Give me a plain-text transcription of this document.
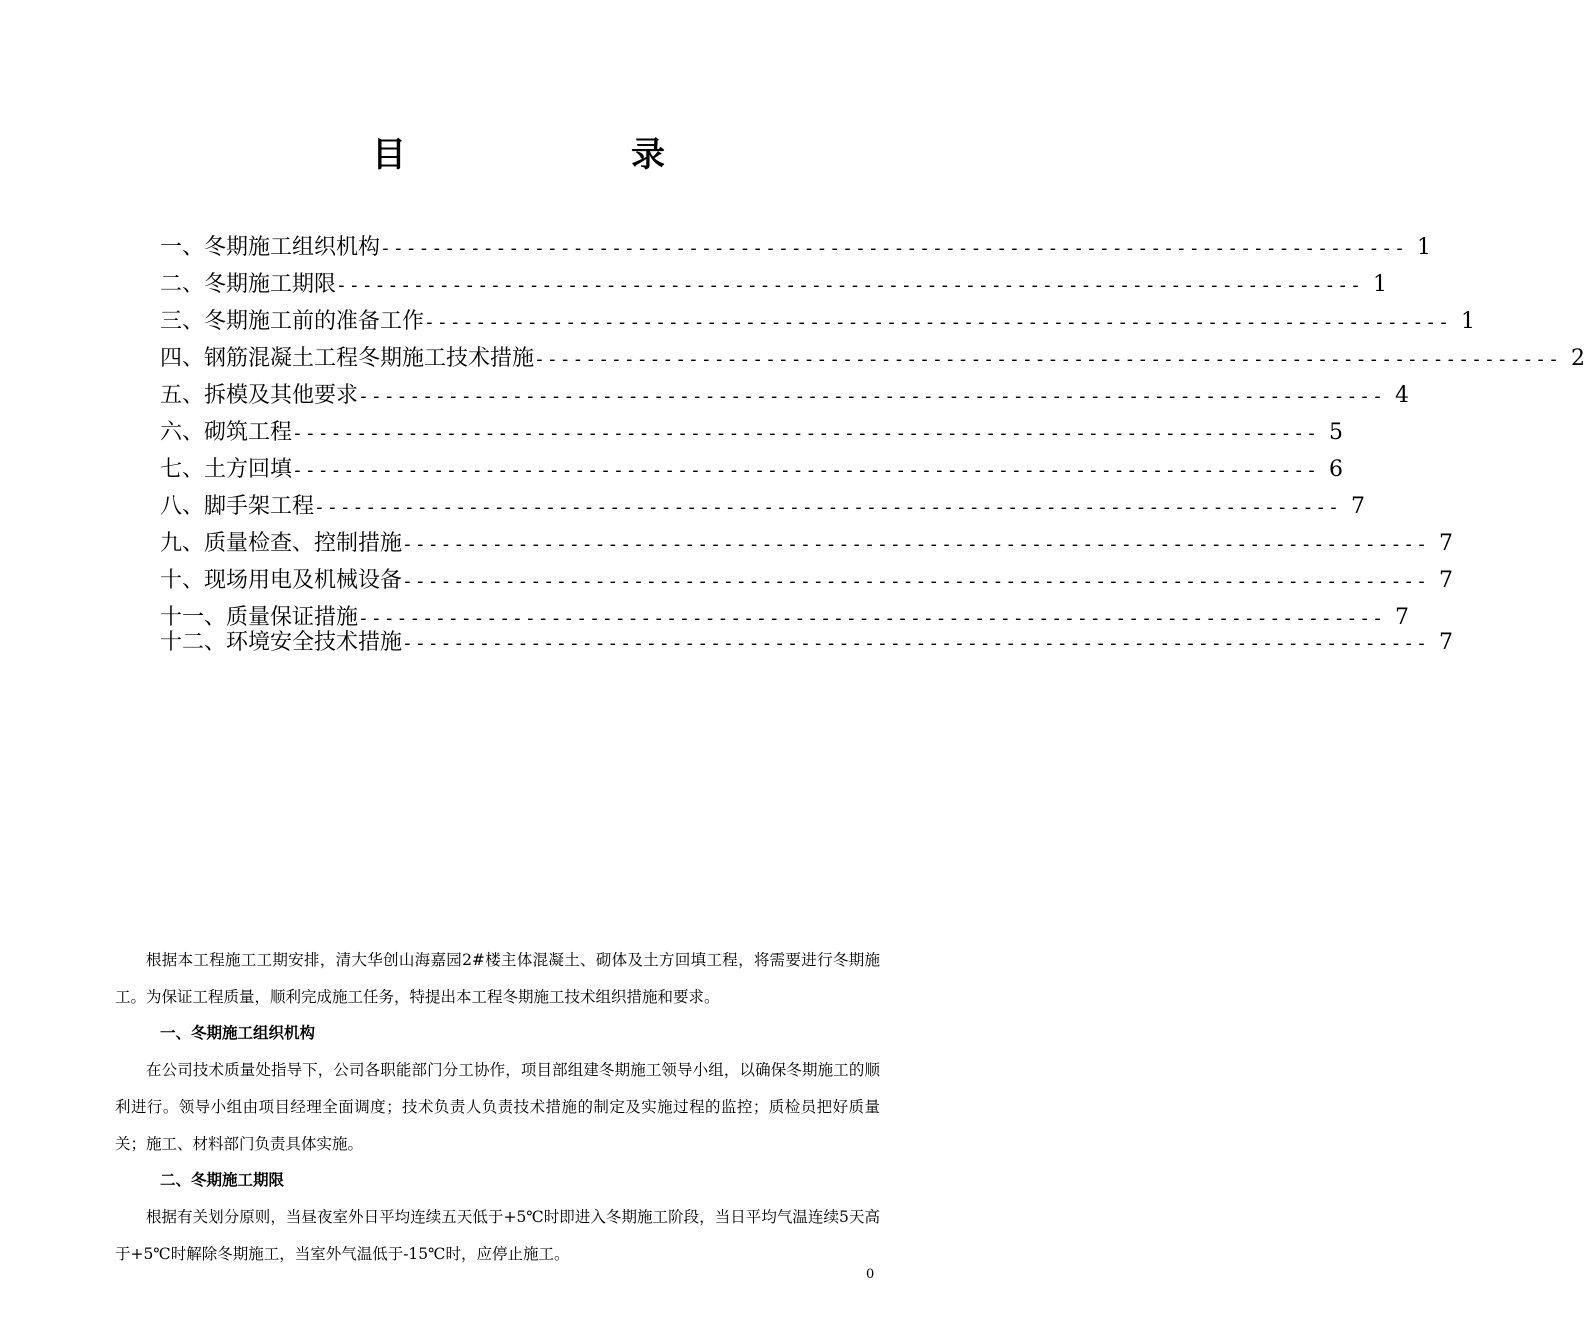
目	录
一、冬期施工组织机构 -------------------------------------------------------------------------------- 1
二、冬期施工期限 -------------------------------------------------------------------------------- 1
三、冬期施工前的准备工作 -------------------------------------------------------------------------------- 1
四、钢筋混凝土工程冬期施工技术措施 -------------------------------------------------------------------------------- 2
五、拆模及其他要求 -------------------------------------------------------------------------------- 4
六、砌筑工程 -------------------------------------------------------------------------------- 5
七、土方回填 -------------------------------------------------------------------------------- 6
八、脚手架工程 -------------------------------------------------------------------------------- 7
九、质量检查、控制措施 -------------------------------------------------------------------------------- 7
十、现场用电及机械设备 -------------------------------------------------------------------------------- 7
十一、质量保证措施 -------------------------------------------------------------------------------- 7
十二、环境安全技术措施 -------------------------------------------------------------------------------- 7

根据本工程施工工期安排，清大华创山海嘉园2#楼主体混凝土、砌体及土方回填工程，将需要进行冬期施工。为保证工程质量，顺利完成施工任务，特提出本工程冬期施工技术组织措施和要求。

一、冬期施工组织机构

在公司技术质量处指导下，公司各职能部门分工协作，项目部组建冬期施工领导小组，以确保冬期施工的顺利进行。领导小组由项目经理全面调度；技术负责人负责技术措施的制定及实施过程的监控；质检员把好质量关；施工、材料部门负责具体实施。

二、冬期施工期限

根据有关划分原则，当昼夜室外日平均连续五天低于+5℃时即进入冬期施工阶段，当日平均气温连续5天高于+5℃时解除冬期施工，当室外气温低于-15℃时，应停止施工。

0
